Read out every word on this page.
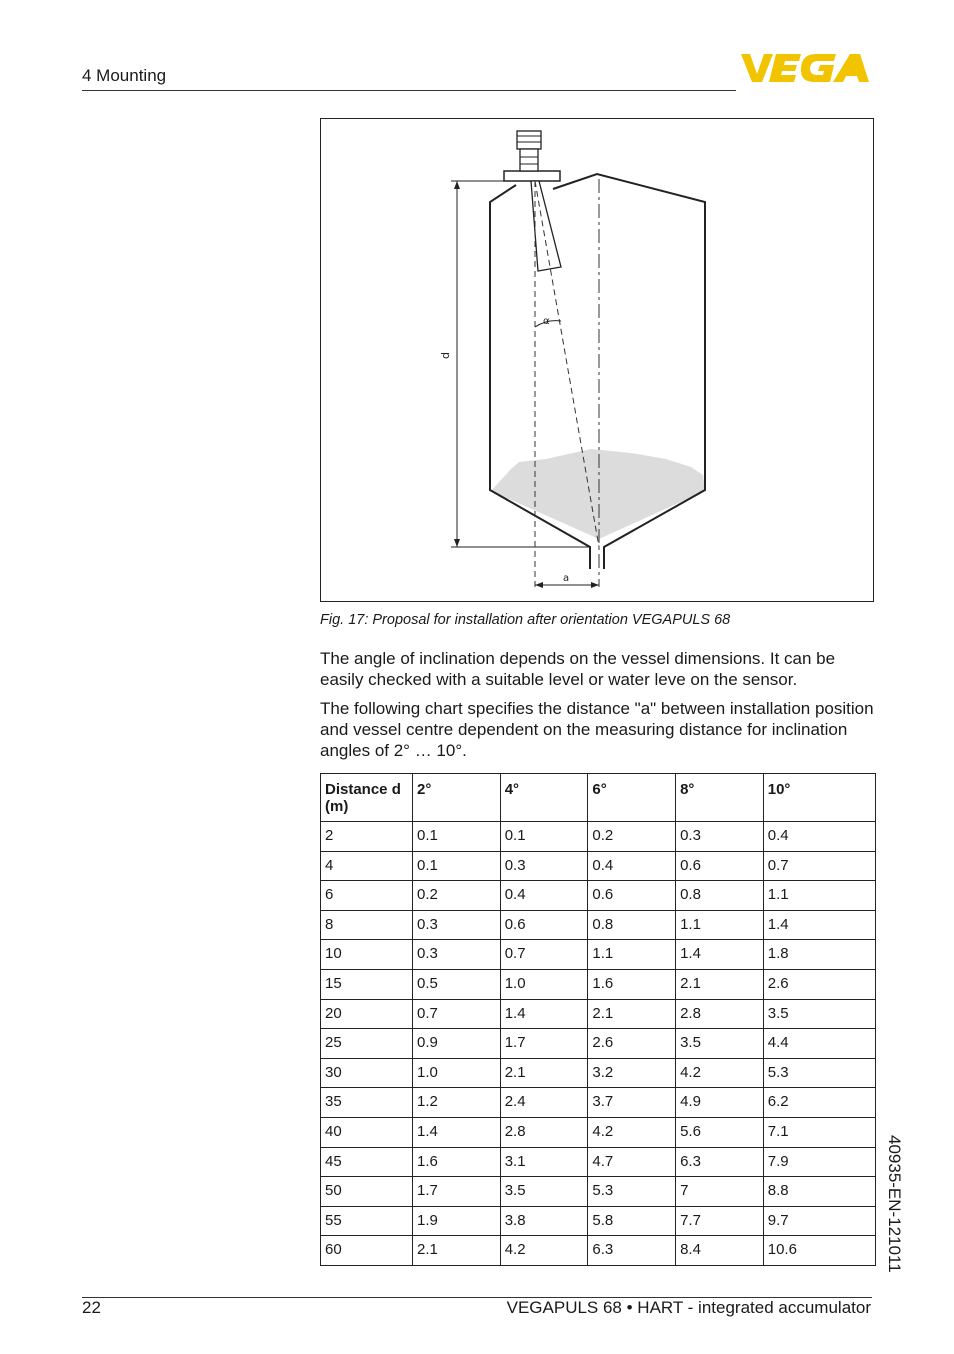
4 Mounting
α
d
a
Fig. 17: Proposal for installation after orientation VEGAPULS 68

The angle of inclination depends on the vessel dimensions. It can be easily checked with a suitable level or water leve on the sensor.

The following chart specifies the distance "a" between installation position and vessel centre dependent on the measuring distance for inclination angles of 2° … 10°.

Distance d (m)	2°	4°	6°	8°	10°
2	0.1	0.1	0.2	0.3	0.4
4	0.1	0.3	0.4	0.6	0.7
6	0.2	0.4	0.6	0.8	1.1
8	0.3	0.6	0.8	1.1	1.4
10	0.3	0.7	1.1	1.4	1.8
15	0.5	1.0	1.6	2.1	2.6
20	0.7	1.4	2.1	2.8	3.5
25	0.9	1.7	2.6	3.5	4.4
30	1.0	2.1	3.2	4.2	5.3
35	1.2	2.4	3.7	4.9	6.2
40	1.4	2.8	4.2	5.6	7.1
45	1.6	3.1	4.7	6.3	7.9
50	1.7	3.5	5.3	7	8.8
55	1.9	3.8	5.8	7.7	9.7
60	2.1	4.2	6.3	8.4	10.6	40935-EN-121011
22	VEGAPULS 68 • HART - integrated accumulator
